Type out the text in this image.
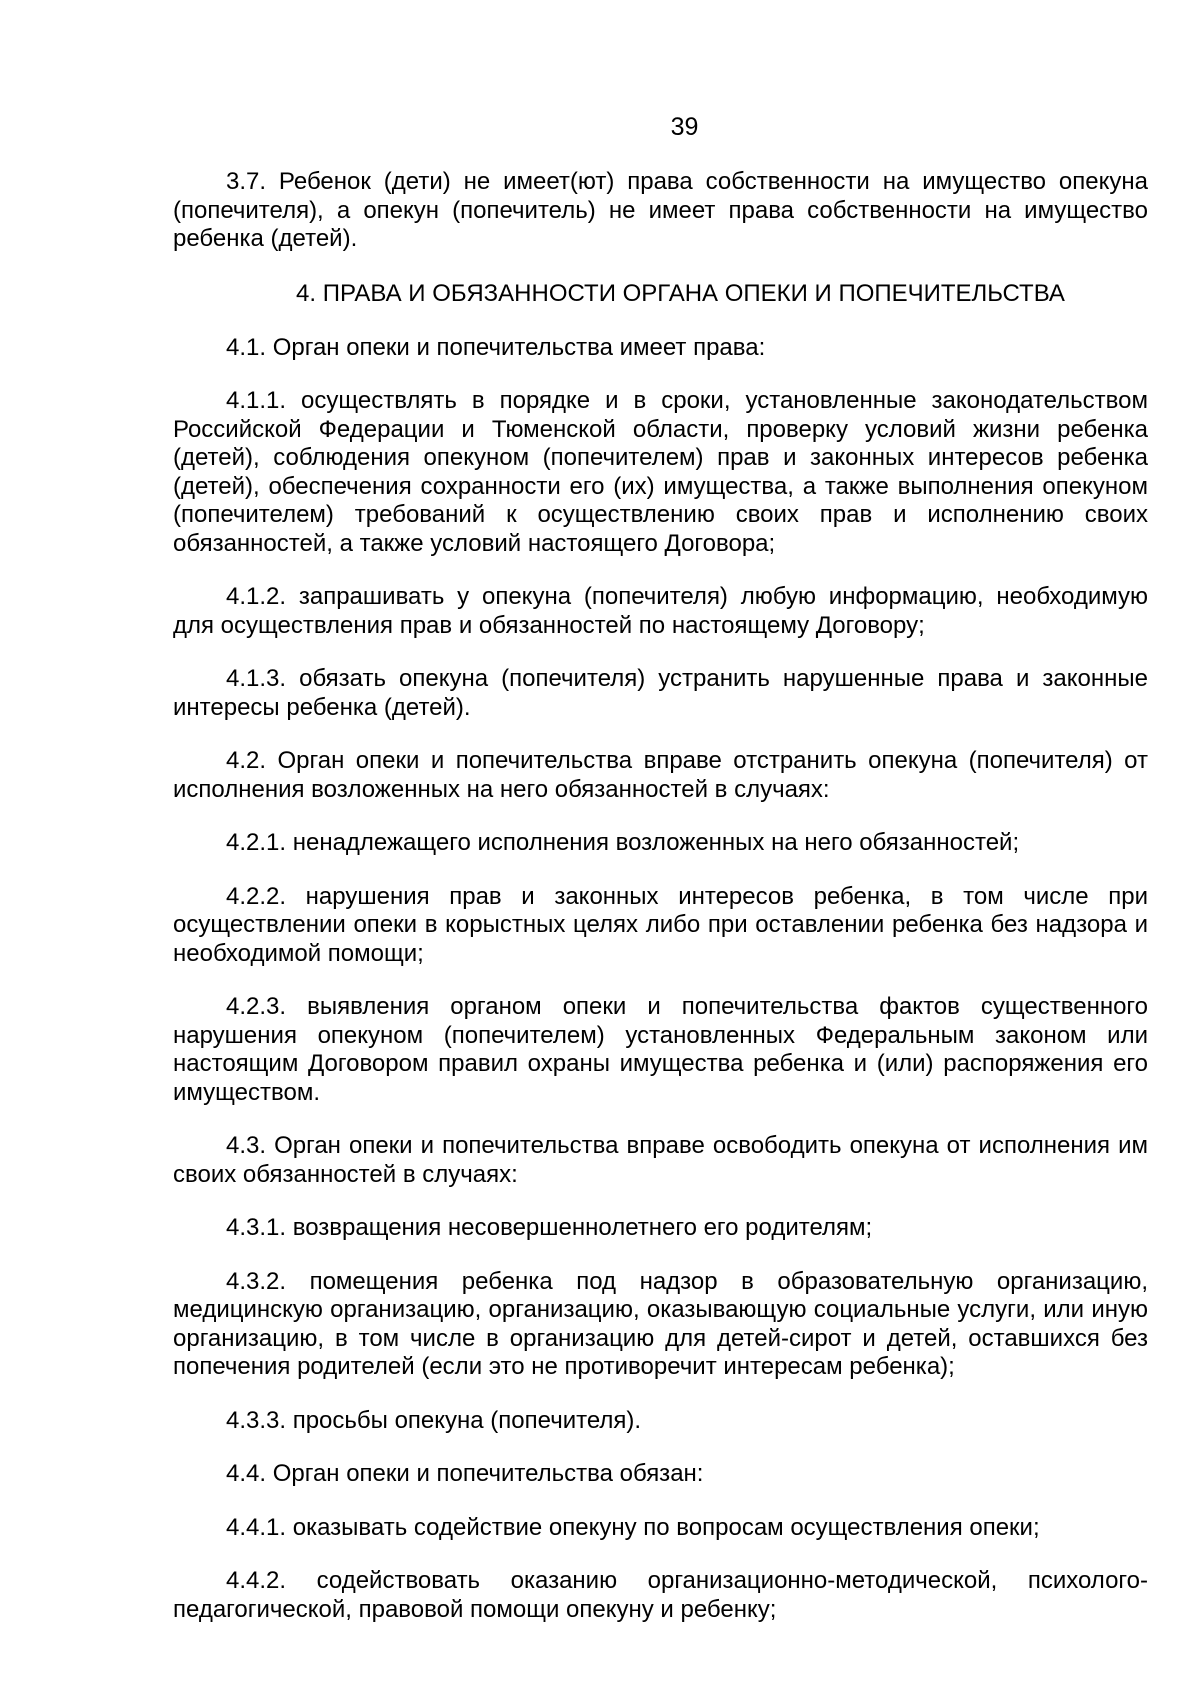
39

3.7. Ребенок (дети) не имеет(ют) права собственности на имущество опекуна (попечителя), а опекун (попечитель) не имеет права собственности на имущество ребенка (детей).

4. ПРАВА И ОБЯЗАННОСТИ ОРГАНА ОПЕКИ И ПОПЕЧИТЕЛЬСТВА

4.1. Орган опеки и попечительства имеет права:

4.1.1. осуществлять в порядке и в сроки, установленные законодательством Российской Федерации и Тюменской области, проверку условий жизни ребенка (детей), соблюдения опекуном (попечителем) прав и законных интересов ребенка (детей), обеспечения сохранности его (их) имущества, а также выполнения опекуном (попечителем) требований к осуществлению своих прав и исполнению своих обязанностей, а также условий настоящего Договора;

4.1.2. запрашивать у опекуна (попечителя) любую информацию, необходимую для осуществления прав и обязанностей по настоящему Договору;

4.1.3. обязать опекуна (попечителя) устранить нарушенные права и законные интересы ребенка (детей).

4.2. Орган опеки и попечительства вправе отстранить опекуна (попечителя) от исполнения возложенных на него обязанностей в случаях:

4.2.1. ненадлежащего исполнения возложенных на него обязанностей;

4.2.2. нарушения прав и законных интересов ребенка, в том числе при осуществлении опеки в корыстных целях либо при оставлении ребенка без надзора и необходимой помощи;

4.2.3. выявления органом опеки и попечительства фактов существенного нарушения опекуном (попечителем) установленных Федеральным законом или настоящим Договором правил охраны имущества ребенка и (или) распоряжения его имуществом.

4.3. Орган опеки и попечительства вправе освободить опекуна от исполнения им своих обязанностей в случаях:

4.3.1. возвращения несовершеннолетнего его родителям;

4.3.2. помещения ребенка под надзор в образовательную организацию, медицинскую организацию, организацию, оказывающую социальные услуги, или иную организацию, в том числе в организацию для детей-сирот и детей, оставшихся без попечения родителей (если это не противоречит интересам ребенка);

4.3.3. просьбы опекуна (попечителя).

4.4. Орган опеки и попечительства обязан:

4.4.1. оказывать содействие опекуну по вопросам осуществления опеки;

4.4.2. содействовать оказанию организационно-методической, психолого-педагогической, правовой помощи опекуну и ребенку;
